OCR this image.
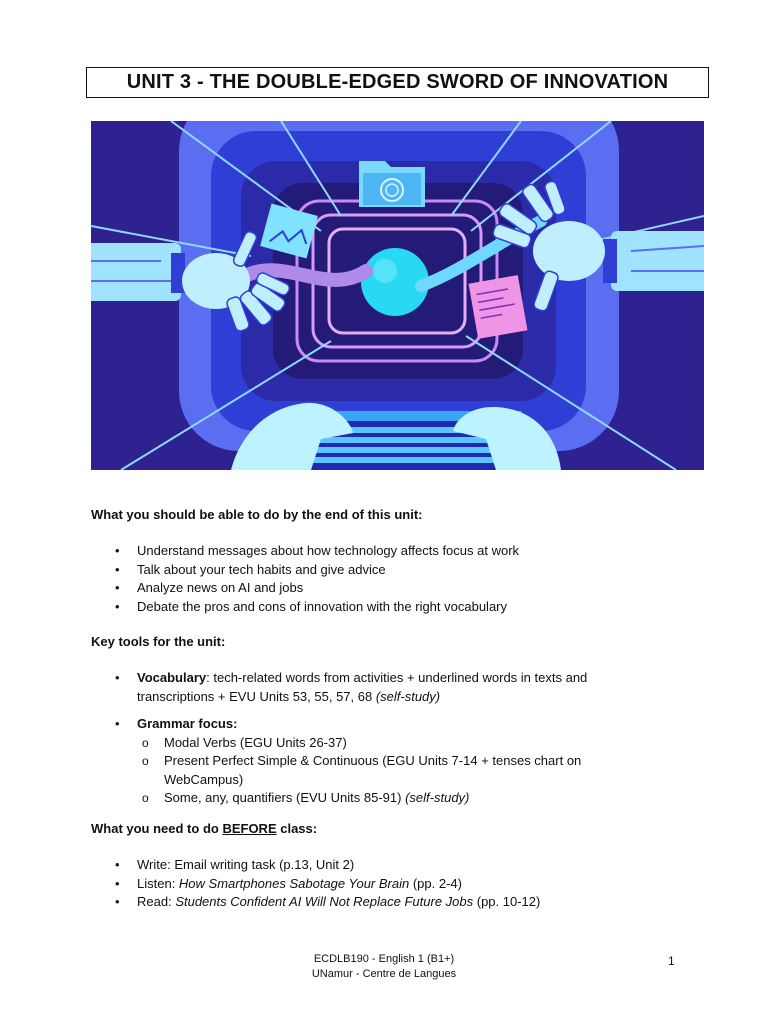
UNIT 3 - THE DOUBLE-EDGED SWORD OF INNOVATION
What you should be able to do by the end of this unit:
• Understand messages about how technology affects focus at work
• Talk about your tech habits and give advice
• Analyze news on AI and jobs
• Debate the pros and cons of innovation with the right vocabulary
Key tools for the unit:
• Vocabulary: tech-related words from activities + underlined words in texts and transcriptions + EVU Units 53, 55, 57, 68 (self-study)
• Grammar focus:
o Modal Verbs (EGU Units 26-37)
o Present Perfect Simple & Continuous (EGU Units 7-14 + tenses chart on WebCampus)
o Some, any, quantifiers (EVU Units 85-91) (self-study)
What you need to do BEFORE class:
• Write: Email writing task (p.13, Unit 2)
• Listen: How Smartphones Sabotage Your Brain (pp. 2-4)
• Read: Students Confident AI Will Not Replace Future Jobs (pp. 10-12)
ECDLB190 - English 1 (B1+)
UNamur - Centre de Langues
1
